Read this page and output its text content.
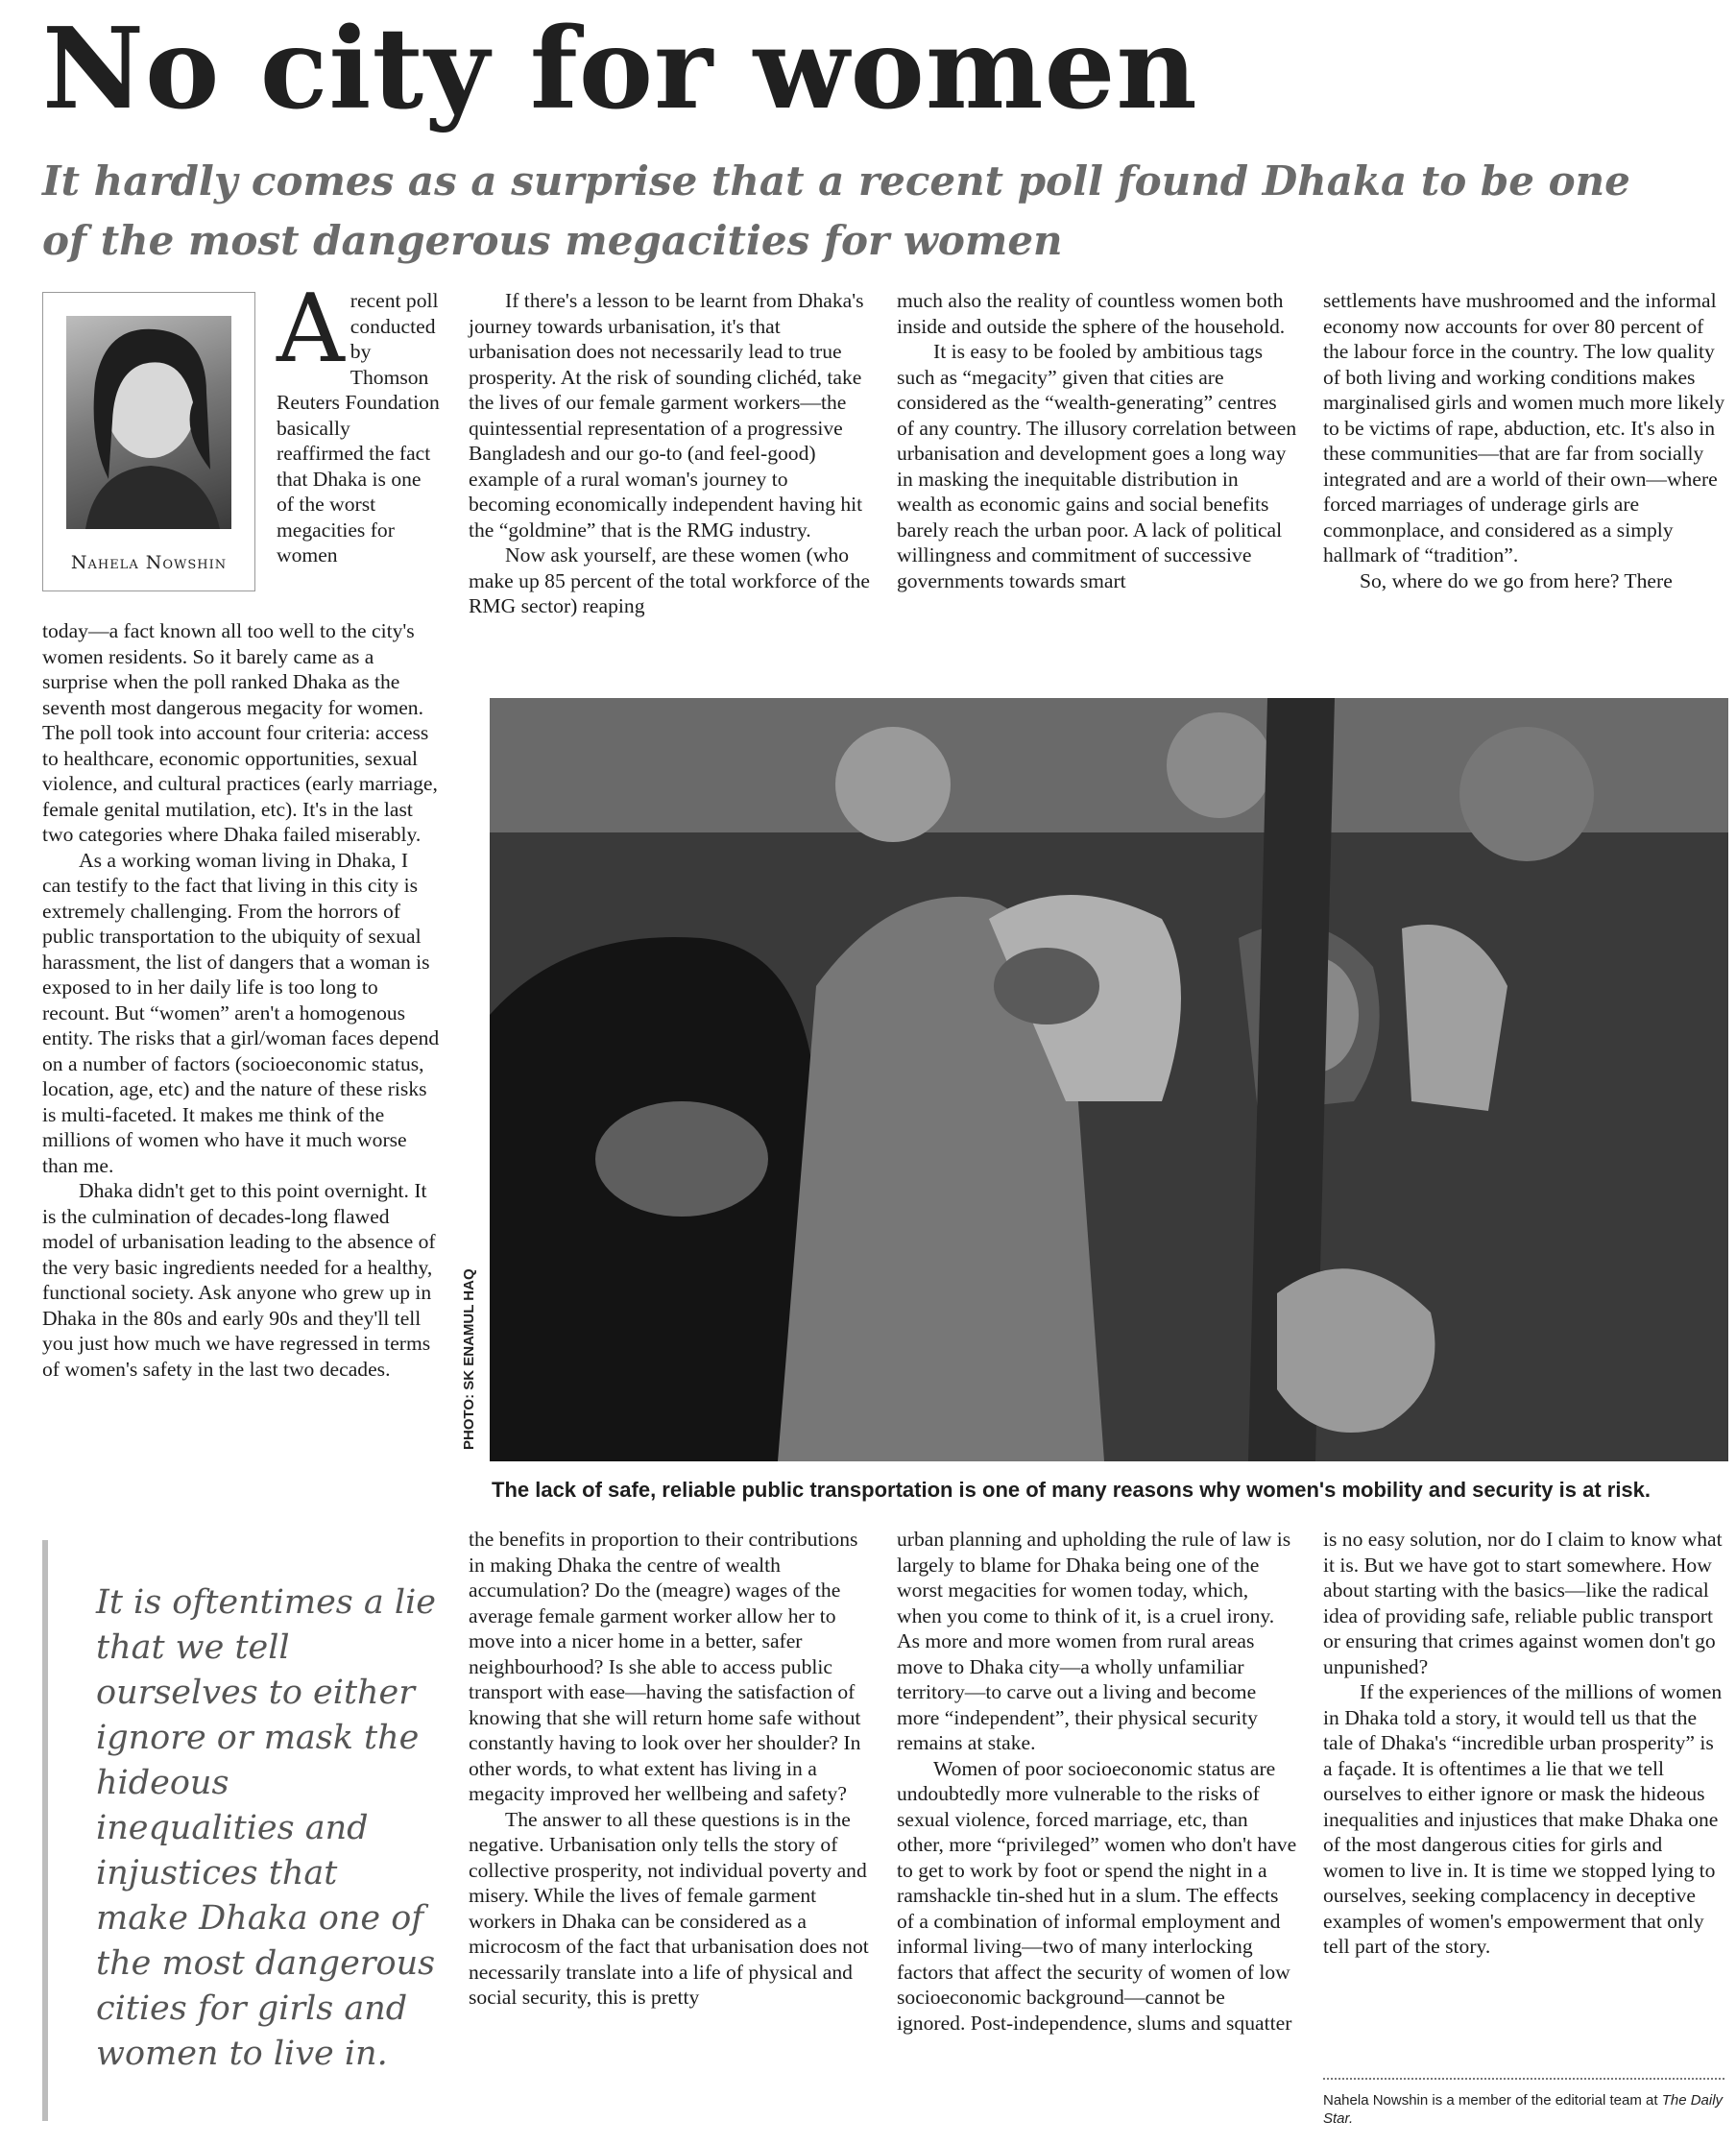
No city for women

It hardly comes as a surprise that a recent poll found Dhaka to be one of the most dangerous megacities for women

Nahela Nowshin

Arecent poll conducted by Thomson Reuters Foundation basically reaffirmed the fact that Dhaka is one of the worst megacities for women

today—a fact known all too well to the city's women residents. So it barely came as a surprise when the poll ranked Dhaka as the seventh most dangerous megacity for women. The poll took into account four criteria: access to healthcare, economic opportunities, sexual violence, and cultural practices (early marriage, female genital mutilation, etc). It's in the last two categories where Dhaka failed miserably.

As a working woman living in Dhaka, I can testify to the fact that living in this city is extremely challenging. From the horrors of public transportation to the ubiquity of sexual harassment, the list of dangers that a woman is exposed to in her daily life is too long to recount. But “women” aren't a homogenous entity. The risks that a girl/woman faces depend on a number of factors (socioeconomic status, location, age, etc) and the nature of these risks is multi-faceted. It makes me think of the millions of women who have it much worse than me.

Dhaka didn't get to this point overnight. It is the culmination of decades-long flawed model of urbanisation leading to the absence of the very basic ingredients needed for a healthy, functional society. Ask anyone who grew up in Dhaka in the 80s and early 90s and they'll tell you just how much we have regressed in terms of women's safety in the last two decades.

If there's a lesson to be learnt from Dhaka's journey towards urbanisation, it's that urbanisation does not necessarily lead to true prosperity. At the risk of sounding clichéd, take the lives of our female garment workers—the quintessential representation of a progressive Bangladesh and our go-to (and feel-good) example of a rural woman's journey to becoming economically independent having hit the “goldmine” that is the RMG industry.

Now ask yourself, are these women (who make up 85 percent of the total workforce of the RMG sector) reaping

much also the reality of countless women both inside and outside the sphere of the household.

It is easy to be fooled by ambitious tags such as “megacity” given that cities are considered as the “wealth-generating” centres of any country. The illusory correlation between urbanisation and development goes a long way in masking the inequitable distribution in wealth as economic gains and social benefits barely reach the urban poor. A lack of political willingness and commitment of successive governments towards smart

settlements have mushroomed and the informal economy now accounts for over 80 percent of the labour force in the country. The low quality of both living and working conditions makes marginalised girls and women much more likely to be victims of rape, abduction, etc. It's also in these communities—that are far from socially integrated and are a world of their own—where forced marriages of underage girls are commonplace, and considered as a simply hallmark of “tradition”.

So, where do we go from here? There

PHOTO: SK ENAMUL HAQ
The lack of safe, reliable public transportation is one of many reasons why women's mobility and security is at risk.
It is oftentimes a lie that we tell ourselves to either ignore or mask the hideous inequalities and injustices that make Dhaka one of the most dangerous cities for girls and women to live in.

the benefits in proportion to their contributions in making Dhaka the centre of wealth accumulation? Do the (meagre) wages of the average female garment worker allow her to move into a nicer home in a better, safer neighbourhood? Is she able to access public transport with ease—having the satisfaction of knowing that she will return home safe without constantly having to look over her shoulder? In other words, to what extent has living in a megacity improved her wellbeing and safety?

The answer to all these questions is in the negative. Urbanisation only tells the story of collective prosperity, not individual poverty and misery. While the lives of female garment workers in Dhaka can be considered as a microcosm of the fact that urbanisation does not necessarily translate into a life of physical and social security, this is pretty

urban planning and upholding the rule of law is largely to blame for Dhaka being one of the worst megacities for women today, which, when you come to think of it, is a cruel irony. As more and more women from rural areas move to Dhaka city—a wholly unfamiliar territory—to carve out a living and become more “independent”, their physical security remains at stake.

Women of poor socioeconomic status are undoubtedly more vulnerable to the risks of sexual violence, forced marriage, etc, than other, more “privileged” women who don't have to get to work by foot or spend the night in a ramshackle tin-shed hut in a slum. The effects of a combination of informal employment and informal living—two of many interlocking factors that affect the security of women of low socioeconomic background—cannot be ignored. Post-independence, slums and squatter

is no easy solution, nor do I claim to know what it is. But we have got to start somewhere. How about starting with the basics—like the radical idea of providing safe, reliable public transport or ensuring that crimes against women don't go unpunished?

If the experiences of the millions of women in Dhaka told a story, it would tell us that the tale of Dhaka's “incredible urban prosperity” is a façade. It is oftentimes a lie that we tell ourselves to either ignore or mask the hideous inequalities and injustices that make Dhaka one of the most dangerous cities for girls and women to live in. It is time we stopped lying to ourselves, seeking complacency in deceptive examples of women's empowerment that only tell part of the story.

Nahela Nowshin is a member of the editorial team at The Daily Star.
